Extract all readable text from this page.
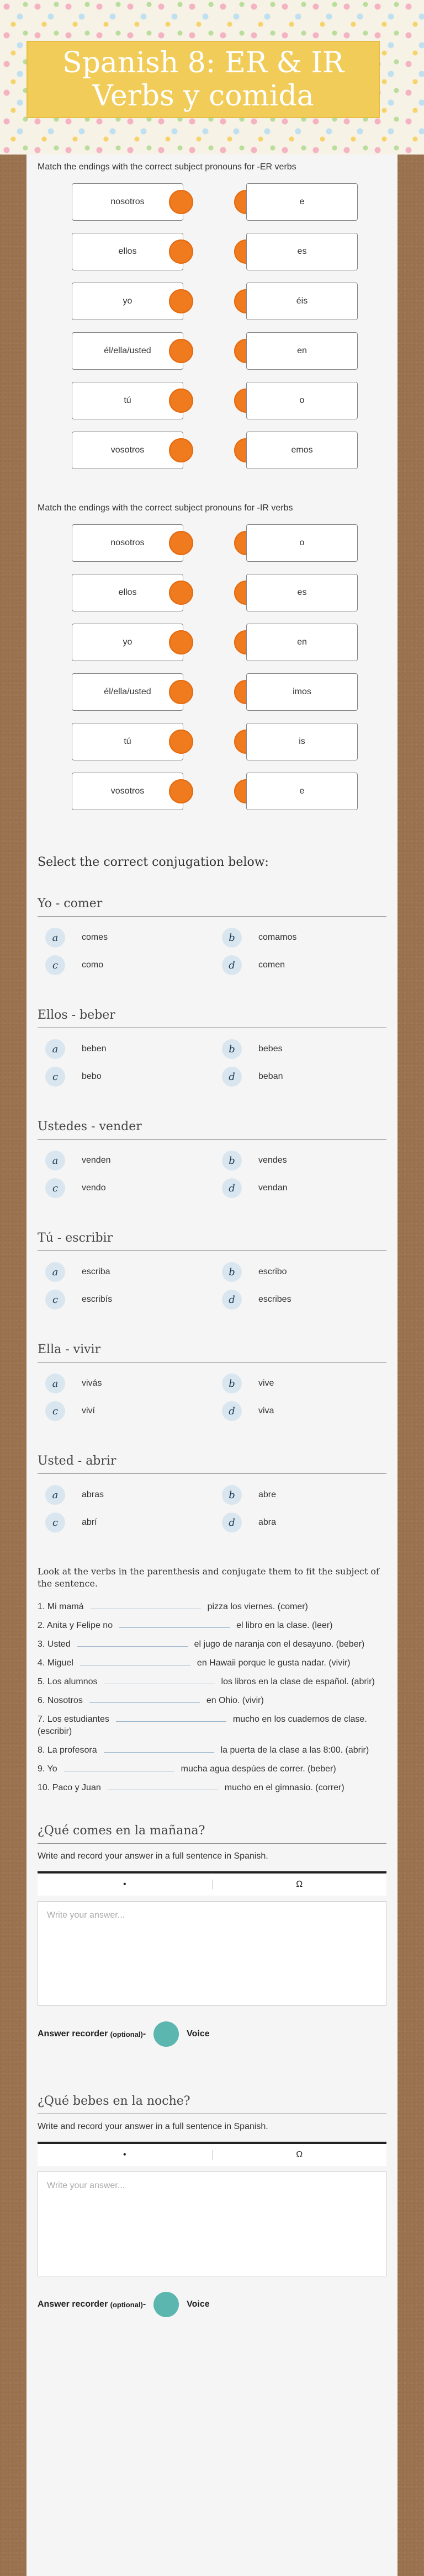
Spanish 8: ER & IR Verbs y comida

Match the endings with the correct subject pronouns for -ER verbs

nosotros	e
ellos	es
yo	éis
él/ella/usted	en
tú	o
vosotros	emos

Match the endings with the correct subject pronouns for -IR verbs

nosotros	o
ellos	es
yo	en
él/ella/usted	imos
tú	is
vosotros	e

Select the correct conjugation below:

Yo - comer

a	comes	b	comamos
c	como	d	comen

Ellos - beber

a	beben	b	bebes
c	bebo	d	beban

Ustedes - vender

a	venden	b	vendes
c	vendo	d	vendan

Tú - escribir

a	escriba	b	escribo
c	escribís	d	escribes

Ella - vivir

a	vivás	b	vive
c	viví	d	viva

Usted - abrir

a	abras	b	abre
c	abrí	d	abra

Look at the verbs in the parenthesis and conjugate them to fit the subject of the sentence.

1. Mi mamá	pizza los viernes. (comer)

2. Anita y Felipe no	el libro en la clase. (leer)

3. Usted	el jugo de naranja con el desayuno. (beber)

4. Miguel	en Hawaii porque le gusta nadar. (vivir)

5. Los alumnos	los libros en la clase de español. (abrir)

6. Nosotros	en Ohio. (vivir)

7. Los estudiantes	mucho en los cuadernos de clase. (escribir)

8. La profesora	la puerta de la clase a las 8:00. (abrir)

9. Yo	mucha agua despúes de correr. (beber)

10. Paco y Juan	mucho en el gimnasio. (correr)

¿Qué comes en la mañana?

Write and record your answer in a full sentence in Spanish.

•	Ω
Write your answer...
Answer recorder
(optional) -	Voice

¿Qué bebes en la noche?

Write and record your answer in a full sentence in Spanish.

•	Ω
Write your answer...
Answer recorder
(optional) -	Voice
